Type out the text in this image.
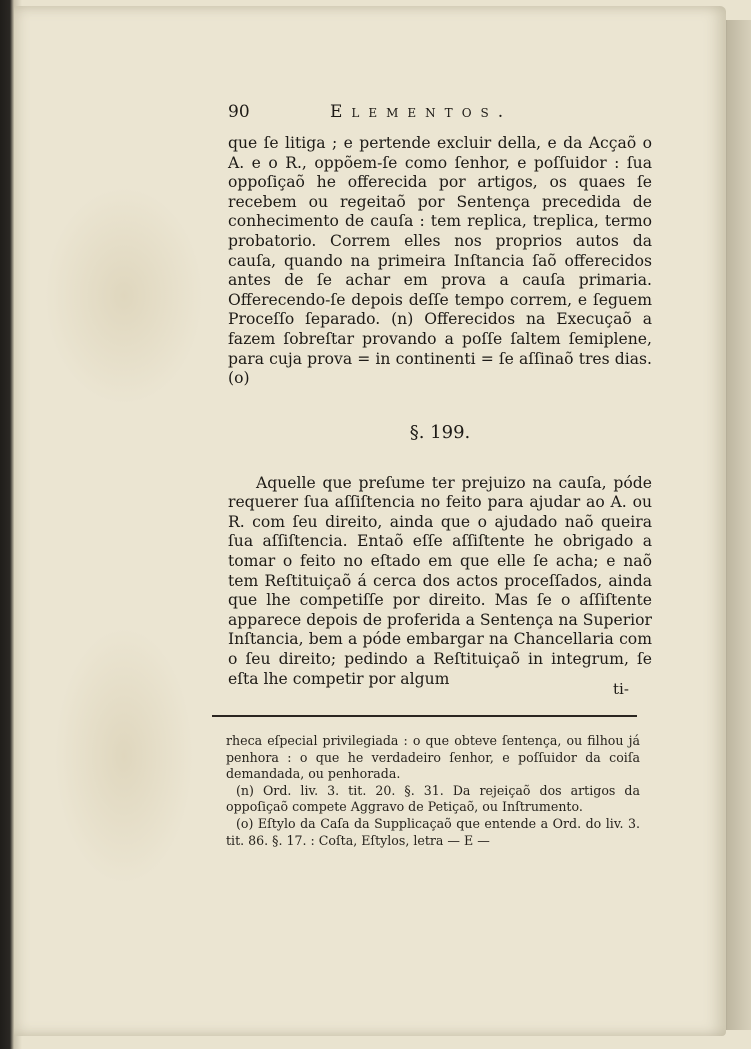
90	Elementos.

que ſe litiga ; e pertende excluir della, e da Acçaõ o A. e o R., oppõem-ſe como ſenhor, e poſſuidor : ſua oppoſiçaõ he offerecida por artigos, os quaes ſe recebem ou regeitaõ por Sentença precedida de conhecimento de cauſa : tem replica, treplica, termo probatorio. Correm elles nos proprios autos da cauſa, quando na primeira Inſtancia ſaõ offerecidos antes de ſe achar em prova a cauſa primaria. Offerecendo-ſe depois deſſe tempo correm, e ſeguem Proceſſo ſeparado. (n) Offerecidos na Execuçaõ a fazem ſobreſtar provando a poſſe ſaltem ſemiplene, para cuja prova = in continenti = ſe aſſinaõ tres dias. (o)

§. 199.

Aquelle que preſume ter prejuizo na cauſa, póde requerer ſua aſſiſtencia no feito para ajudar ao A. ou R. com ſeu direito, ainda que o ajudado naõ queira ſua aſſiſtencia. Entaõ eſſe aſſiſtente he obrigado a tomar o feito no eſtado em que elle ſe acha; e naõ tem Reſtituiçaõ á cerca dos actos proceſſados, ainda que lhe competiſſe por direito. Mas ſe o aſſiſtente apparece depois de proferida a Sentença na Superior Inſtancia, bem a póde embargar na Chancellaria com o ſeu direito; pedindo a Reſtituiçaõ in integrum, ſe eſta lhe competir por algum

ti-

rheca eſpecial privilegiada : o que obteve ſentença, ou filhou já penhora : o que he verdadeiro ſenhor, e poſſuidor da coiſa demandada, ou penhorada.

(n) Ord. liv. 3. tit. 20. §. 31. Da rejeiçaõ dos artigos da oppoſiçaõ compete Aggravo de Petiçaõ, ou Inſtrumento.

(o) Eſtylo da Caſa da Supplicaçaõ que entende a Ord. do liv. 3. tit. 86. §. 17. : Coſta, Eſtylos, letra — E —
